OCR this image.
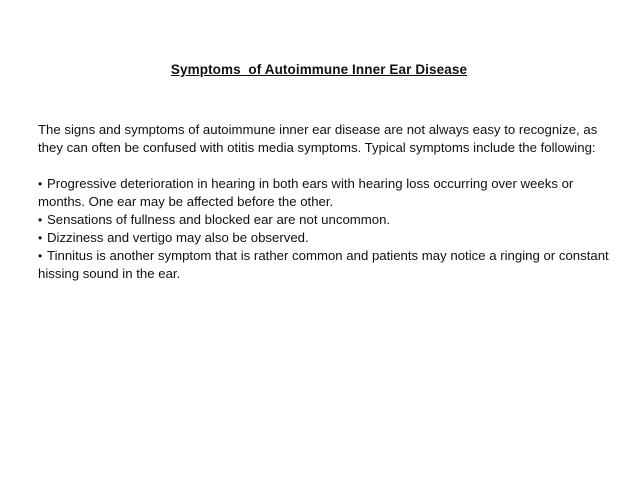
Symptoms  of Autoimmune Inner Ear Disease

The signs and symptoms of autoimmune inner ear disease are not always easy to recognize, as they can often be confused with otitis media symptoms. Typical symptoms include the following:

• Progressive deterioration in hearing in both ears with hearing loss occurring over weeks or months. One ear may be affected before the other.
• Sensations of fullness and blocked ear are not uncommon.
• Dizziness and vertigo may also be observed.
• Tinnitus is another symptom that is rather common and patients may notice a ringing or constant hissing sound in the ear.
